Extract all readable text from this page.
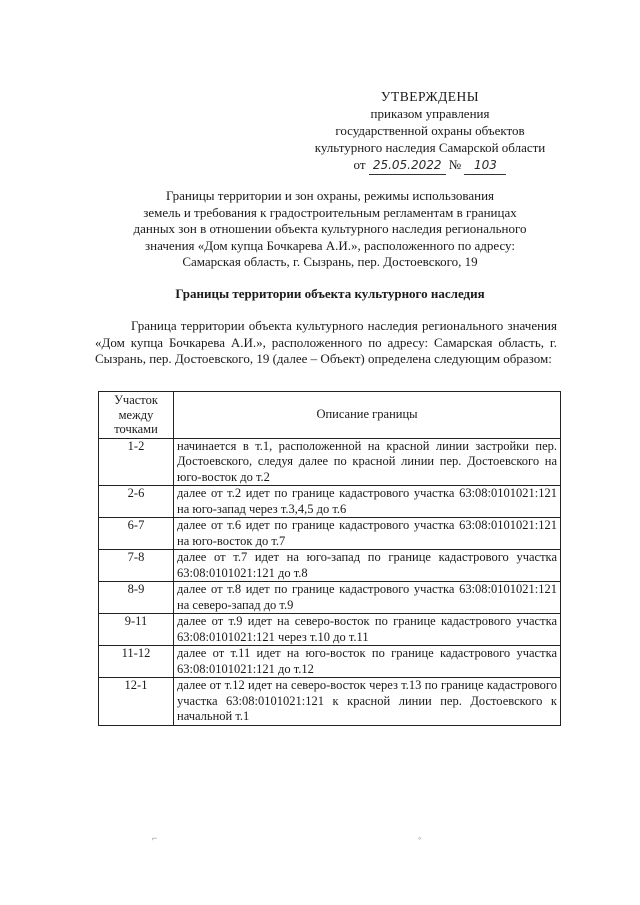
УТВЕРЖДЕНЫ
приказом управления
государственной охраны объектов
культурного наследия Самарской области
от 25.05.2022 № 103
Границы территории и зон охраны, режимы использования
земель и требования к градостроительным регламентам в границах
данных зон в отношении объекта культурного наследия регионального
значения «Дом купца Бочкарева А.И.», расположенного по адресу:
Самарская область, г. Сызрань, пер. Достоевского, 19
Границы территории объекта культурного наследия
Граница территории объекта культурного наследия регионального значения «Дом купца Бочкарева А.И.», расположенного по адресу: Самарская область, г. Сызрань, пер. Достоевского, 19 (далее – Объект) определена следующим образом:
Участок
между
точками	Описание границы
1-2	начинается в т.1, расположенной на красной линии застройки пер. Достоевского, следуя далее по красной линии пер. Достоевского на юго-восток до т.2
2-6	далее от т.2 идет по границе кадастрового участка 63:08:0101021:121 на юго-запад через т.3,4,5 до т.6
6-7	далее от т.6 идет по границе кадастрового участка 63:08:0101021:121 на юго-восток до т.7
7-8	далее от т.7 идет на юго-запад по границе кадастрового участка 63:08:0101021:121 до т.8
8-9	далее от т.8 идет по границе кадастрового участка 63:08:0101021:121 на северо-запад до т.9
9-11	далее от т.9 идет на северо-восток по границе кадастрового участка 63:08:0101021:121 через т.10 до т.11
11-12	далее от т.11 идет на юго-восток по границе кадастрового участка 63:08:0101021:121 до т.12
12-1	далее от т.12 идет на северо-восток через т.13 по границе кадастрового участка 63:08:0101021:121 к красной линии пер. Достоевского к начальной т.1
⌐	◦
